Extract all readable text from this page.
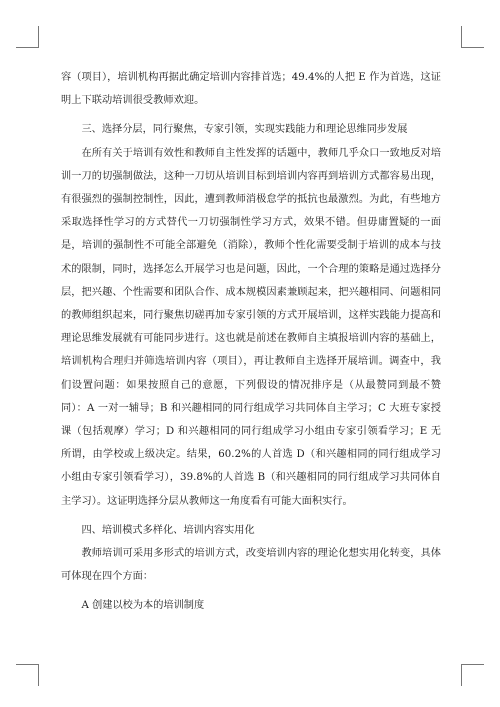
容（项目），培训机构再据此确定培训内容排首选；49.4%的人把 E 作为首选，这证明上下联动培训很受教师欢迎。

三、选择分层，同行聚焦，专家引领，实现实践能力和理论思维同步发展

在所有关于培训有效性和教师自主性发挥的话题中，教师几乎众口一致地反对培训一刀的切强制做法，这种一刀切从培训目标到培训内容再到培训方式都容易出现，有很强烈的强制控制性，因此，遭到教师消极怠学的抵抗也最激烈。为此，有些地方采取选择性学习的方式替代一刀切强制性学习方式，效果不错。但毋庸置疑的一面是，培训的强制性不可能全部避免（消除），教师个性化需要受制于培训的成本与技术的限制，同时，选择怎么开展学习也是问题，因此，一个合理的策略是通过选择分层，把兴趣、个性需要和团队合作、成本规模因素兼顾起来，把兴趣相同、问题相同的教师组织起来，同行聚焦切磋再加专家引领的方式开展培训，这样实践能力提高和理论思维发展就有可能同步进行。这也就是前述在教师自主填报培训内容的基础上，培训机构合理归并筛选培训内容（项目），再让教师自主选择开展培训。调查中，我们设置问题：如果按照自己的意愿，下列假设的情况排序是（从最赞同到最不赞同）：A 一对一辅导；B 和兴趣相同的同行组成学习共同体自主学习；C 大班专家授课（包括观摩）学习；D 和兴趣相同的同行组成学习小组由专家引领看学习；E 无所谓，由学校或上级决定。结果，60.2%的人首选 D（和兴趣相同的同行组成学习小组由专家引领看学习），39.8%的人首选 B（和兴趣相同的同行组成学习共同体自主学习）。这证明选择分层从教师这一角度看有可能大面积实行。

四、培训模式多样化、培训内容实用化

教师培训可采用多形式的培训方式，改变培训内容的理论化想实用化转变，具体可体现在四个方面：

A 创建以校为本的培训制度
